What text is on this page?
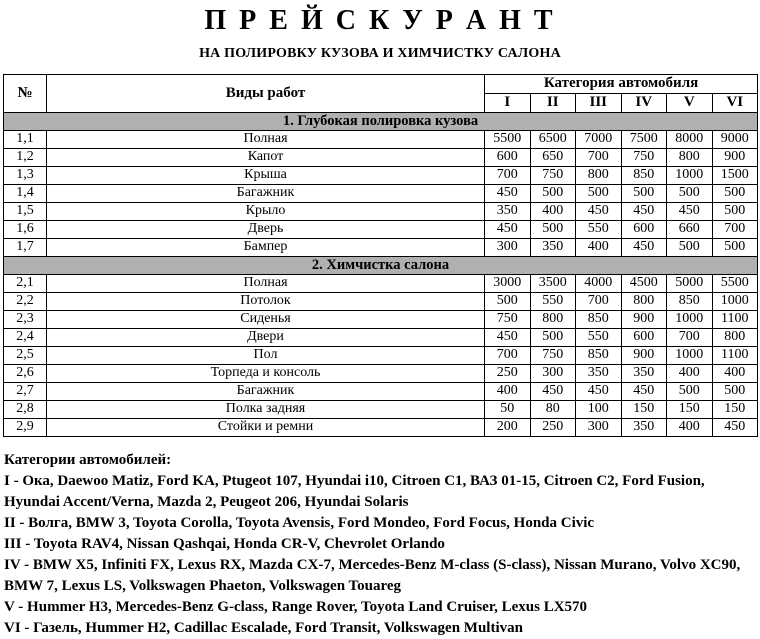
П Р Е Й С К У Р А Н Т
НА ПОЛИРОВКУ КУЗОВА И ХИМЧИСТКУ САЛОНА
№	Виды работ	Категория автомобиля					
		I	II	III	IV	V	VI
1. Глубокая полировка кузова							
1,1	Полная	5500	6500	7000	7500	8000	9000
1,2	Капот	600	650	700	750	800	900
1,3	Крыша	700	750	800	850	1000	1500
1,4	Багажник	450	500	500	500	500	500
1,5	Крыло	350	400	450	450	450	500
1,6	Дверь	450	500	550	600	660	700
1,7	Бампер	300	350	400	450	500	500
2. Химчистка салона							
2,1	Полная	3000	3500	4000	4500	5000	5500
2,2	Потолок	500	550	700	800	850	1000
2,3	Сиденья	750	800	850	900	1000	1100
2,4	Двери	450	500	550	600	700	800
2,5	Пол	700	750	850	900	1000	1100
2,6	Торпеда и консоль	250	300	350	350	400	400
2,7	Багажник	400	450	450	450	500	500
2,8	Полка задняя	50	80	100	150	150	150
2,9	Стойки и ремни	200	250	300	350	400	450

Категории автомобилей:

I - Ока, Daewoo Matiz, Ford KA, Ptugeot 107, Hyundai i10, Citroen C1, ВАЗ 01-15, Citroen C2, Ford Fusion, Hyundai Accent/Verna, Mazda 2, Peugeot 206, Hyundai Solaris

II - Волга, BMW 3, Toyota Corolla, Toyota Avensis, Ford Mondeo, Ford Focus, Honda Civic

III - Toyota RAV4, Nissan Qashqai, Honda CR-V, Chevrolet Orlando

IV - BMW X5, Infiniti FX, Lexus RX, Mazda CX-7, Mercedes-Benz M-class (S-class), Nissan Murano, Volvo XC90, BMW 7, Lexus LS, Volkswagen Phaeton, Volkswagen Touareg

V - Hummer H3, Mercedes-Benz G-class, Range Rover, Toyota Land Cruiser, Lexus LX570

VI - Газель, Hummer H2, Cadillac Escalade, Ford Transit, Volkswagen Multivan
